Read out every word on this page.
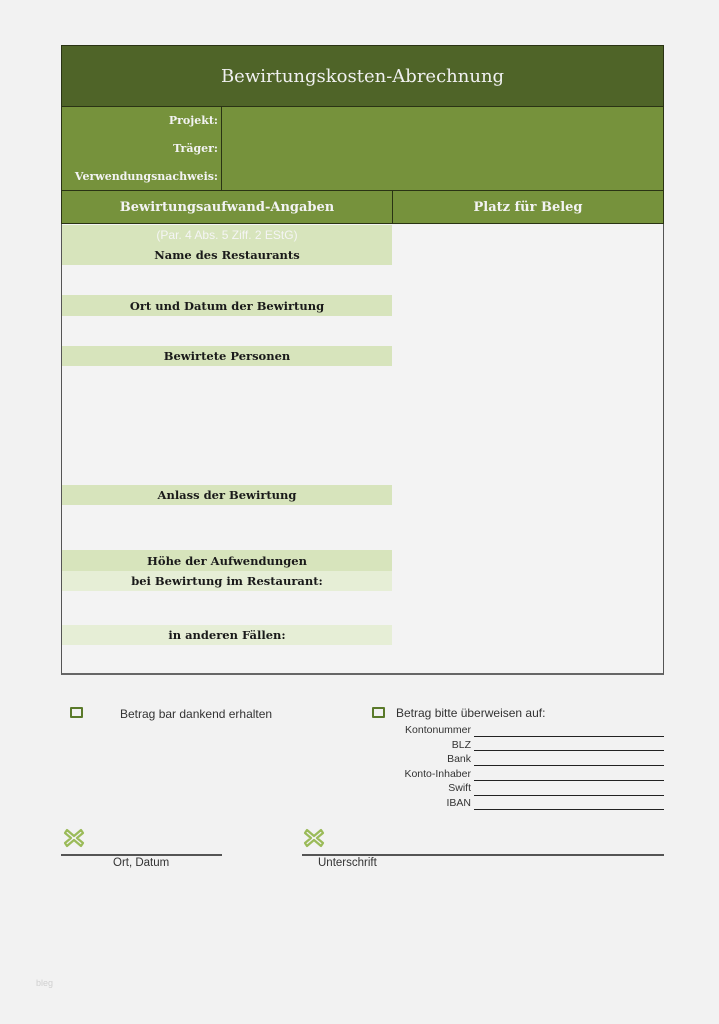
Bewirtungskosten-Abrechnung
Projekt:
Träger:
Verwendungsnachweis:
Bewirtungsaufwand-Angaben	Platz für Beleg
(Par. 4 Abs. 5 Ziff. 2 EStG)
Name des Restaurants
Ort und Datum der Bewirtung
Bewirtete Personen
Anlass der Bewirtung
Höhe der Aufwendungen
bei Bewirtung im Restaurant:
in anderen Fällen:
Betrag bar dankend erhalten	Betrag bitte überweisen auf:
Kontonummer
BLZ
Bank
Konto-Inhaber
Swift
IBAN
Ort, Datum	Unterschrift
bleg
